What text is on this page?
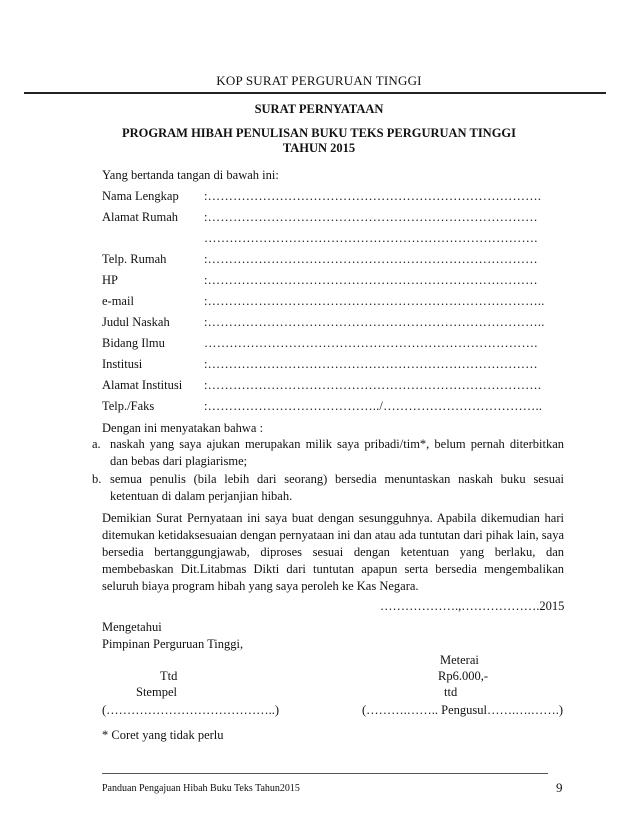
KOP SURAT PERGURUAN TINGGI
SURAT PERNYATAAN
PROGRAM HIBAH PENULISAN BUKU TEKS PERGURUAN TINGGI
TAHUN 2015
Yang bertanda tangan di bawah ini:
Nama Lengkap :…………………………………………………………………….
Alamat Rumah :……………………………………………………………………
…………………………………………………………………….
Telp. Rumah	:……………………………………………………………………
HP	:……………………………………………………………………
e-mail	:……………………………………………………………………..
Judul Naskah	:……………………………………………………………………..
Bidang Ilmu	…………………………………………………………………….
Institusi	:……………………………………………………………………
Alamat Institusi :…………………………………………………………………….
Telp./Faks	:…………………………………../………………………………..
Dengan ini menyatakan bahwa :
a. naskah yang saya ajukan merupakan milik saya pribadi/tim*, belum pernah diterbitkan dan bebas dari plagiarisme;
b. semua penulis (bila lebih dari seorang) bersedia menuntaskan naskah buku sesuai ketentuan di dalam perjanjian hibah.
Demikian Surat Pernyataan ini saya buat dengan sesungguhnya. Apabila dikemudian hari ditemukan ketidaksesuaian dengan pernyataan ini dan atau ada tuntutan dari pihak lain, saya bersedia bertanggungjawab, diproses sesuai dengan ketentuan yang berlaku, dan membebaskan Dit.Litabmas Dikti dari tuntutan apapun serta bersedia mengembalikan seluruh biaya program hibah yang saya peroleh ke Kas Negara.
……………….,……………….2015
Mengetahui
Pimpinan Perguruan Tinggi,
Meterai
Ttd	Rp6.000,-
Stempel	ttd
(…………………………………..)	(……….…….. Pengusul…….….…….)
* Coret yang tidak perlu
Panduan Pengajuan Hibah Buku Teks Tahun2015	9
